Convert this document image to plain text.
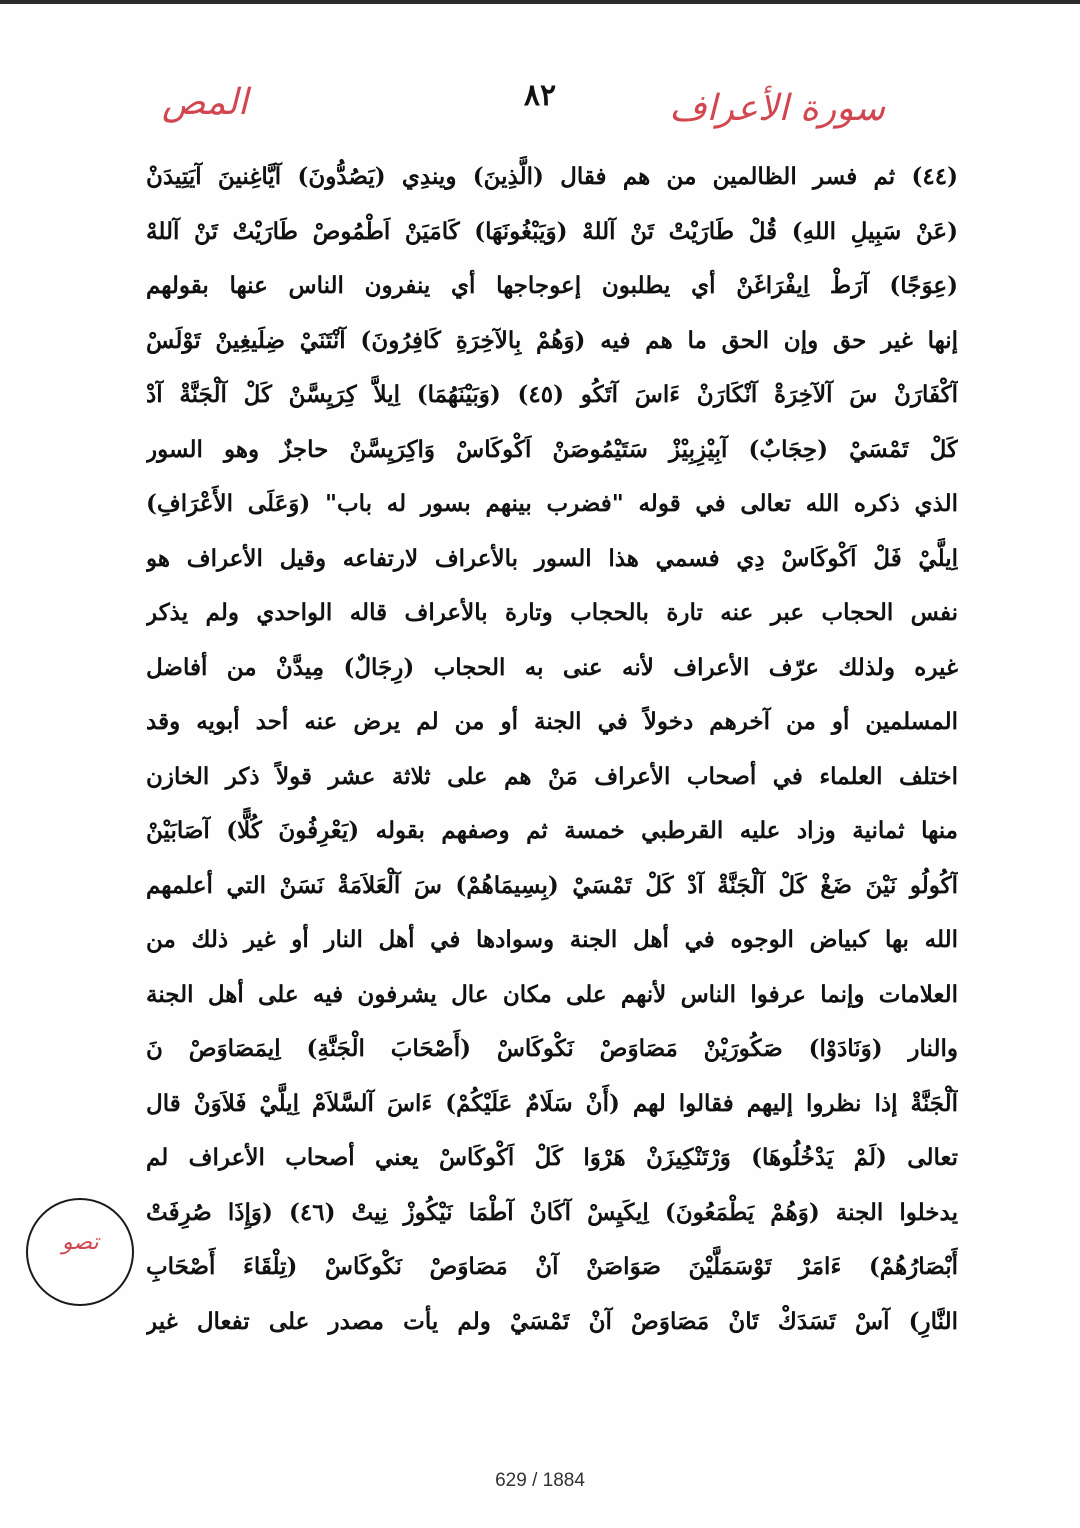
سورة الأعراف
٨٢
المص
(٤٤) ثم فسر الظالمين من هم فقال (الَّذِينَ) ويندِي (يَصُدُّونَ) آيَّاغِنينَ آيَتِيدَنْ
(عَنْ سَبِيلِ اللهِ) قُلْ طَارَيْتْ تَنْ آللهْ (وَيَبْغُونَهَا) كَامَيَنْ اَطْمُوصْ طَارَيْتْ تَنْ آللهْ
(عِوَجًا) آرَطْ اِيفْرَاغَنْ أي يطلبون إعوجاجها أي ينفرون الناس عنها بقولهم
إنها غير حق وإن الحق ما هم فيه (وَهُمْ بِالآخِرَةِ كَافِرُونَ) آنْتَنَيْ ضِلَيغِينْ تَوْلَسْ
آكْفَارَنْ سَ آلآخِرَةْ آنْكَارَنْ ءَاسَ آتَكُو (٤٥) (وَبَيْنَهُمَا) اِيلاَّ كِرَيِسَّنْ كَلْ آلْجَنَّةْ آدْ
كَلْ تَمْسَيْ (حِجَابٌ) آبِيْزِبِيْزْ سَتَيْمُوصَنْ اَكْوكَاسْ وَاكِرَيِسَّنْ حاجزٌ وهو السور
الذي ذكره الله تعالى في قوله "فضرب بينهم بسور له باب" (وَعَلَى الأَعْرَافِ)
اِيلَّيْ فَلْ اَكْوكَاسْ دِي فسمي هذا السور بالأعراف لارتفاعه وقيل الأعراف هو
نفس الحجاب عبر عنه تارة بالحجاب وتارة بالأعراف قاله الواحدي ولم يذكر
غيره ولذلك عرّف الأعراف لأنه عنى به الحجاب (رِجَالٌ) مِيدَّنْ من أفاضل
المسلمين أو من آخرهم دخولاً في الجنة أو من لم يرض عنه أحد أبويه وقد
اختلف العلماء في أصحاب الأعراف مَنْ هم على ثلاثة عشر قولاً ذكر الخازن
منها ثمانية وزاد عليه القرطبي خمسة ثم وصفهم بقوله (يَعْرِفُونَ كُلًّا) آصَابَيْنْ
آكُولُو نَيْنَ ضَغْ كَلْ آلْجَنَّةْ آدْ كَلْ تَمْسَيْ (بِسِيمَاهُمْ) سَ آلْعَلاَمَةْ نَسَنْ التي أعلمهم
الله بها كبياض الوجوه في أهل الجنة وسوادها في أهل النار أو غير ذلك من
العلامات وإنما عرفوا الناس لأنهم على مكان عال يشرفون فيه على أهل الجنة
والنار (وَنَادَوْا) صَكُورَيْنْ مَصَاوَصْ نَكْوكَاسْ (أَصْحَابَ الْجَنَّةِ) اِيمَصَاوَصْ نَ
آلْجَنَّةْ إذا نظروا إليهم فقالوا لهم (أَنْ سَلَامٌ عَلَيْكُمْ) ءَاسَ آلسَّلاَمْ اِيلَّيْ فَلاَوَنْ قال
تعالى (لَمْ يَدْخُلُوهَا) وَرْتَنْكِيزَنْ هَرْوَا كَلْ اَكْوكَاسْ يعني أصحاب الأعراف لم
يدخلوا الجنة (وَهُمْ يَطْمَعُونَ) اِيكَيِسْ آكَانْ آطْمَا نَيْكُوزْ نِيتْ (٤٦) (وَإِذَا صُرِفَتْ
أَبْصَارُهُمْ) ءَامَرْ تَوْسَمَلَّيْنَ صَوَاصَنْ آنْ مَصَاوَصْ نَكْوكَاسْ (تِلْقَاءَ أَصْحَابِ
النَّارِ) آسْ تَسَدَكْ تَانْ مَصَاوَصْ آنْ تَمْسَيْ ولم يأت مصدر على تفعال غير
تصو
629 / 1884
